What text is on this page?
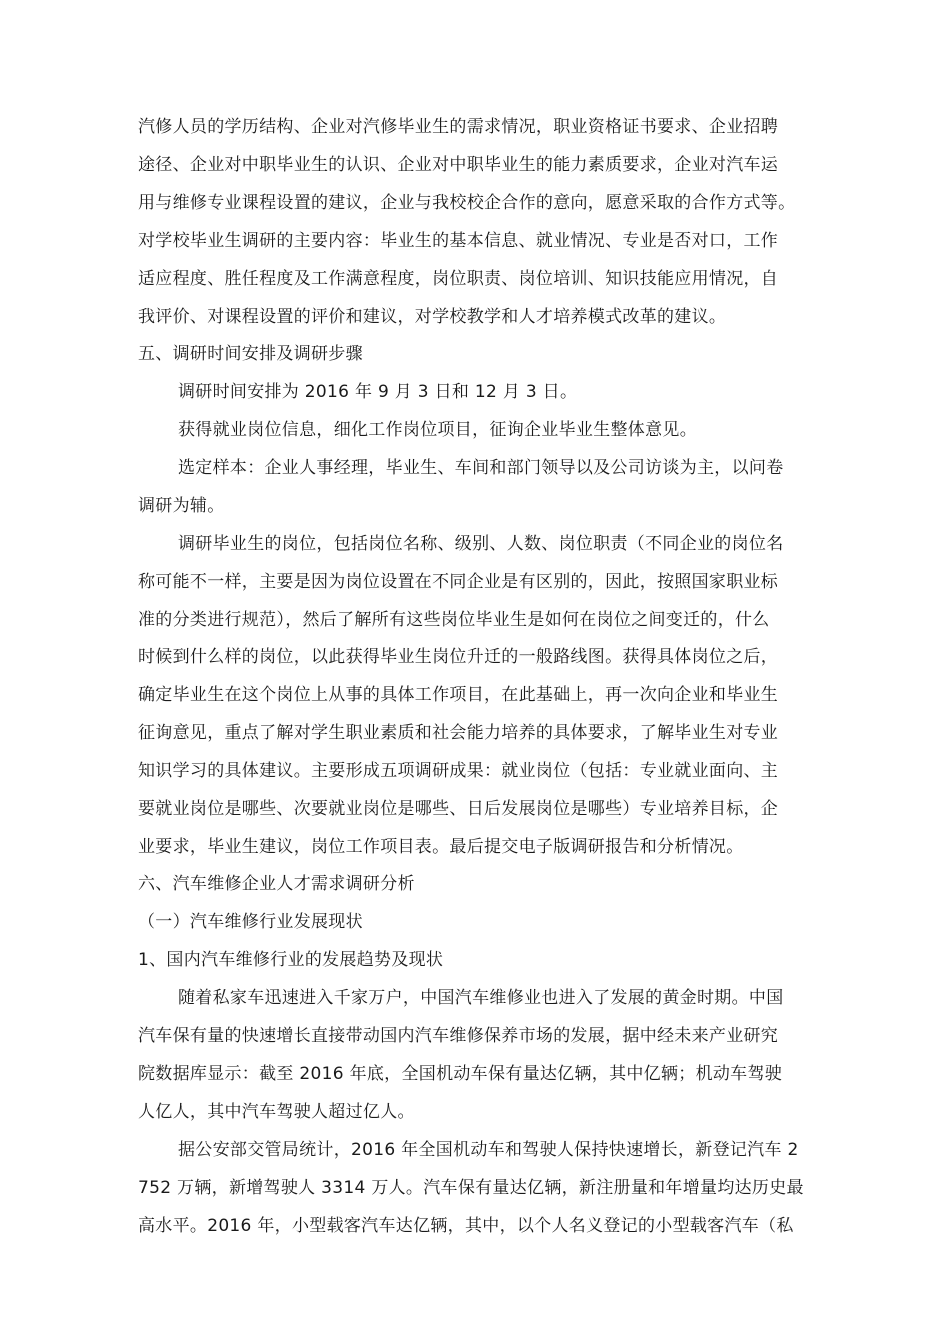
汽修人员的学历结构、企业对汽修毕业生的需求情况，职业资格证书要求、企业招聘
途径、企业对中职毕业生的认识、企业对中职毕业生的能力素质要求，企业对汽车运
用与维修专业课程设置的建议，企业与我校校企合作的意向，愿意采取的合作方式等。
对学校毕业生调研的主要内容：毕业生的基本信息、就业情况、专业是否对口，工作
适应程度、胜任程度及工作满意程度，岗位职责、岗位培训、知识技能应用情况，自
我评价、对课程设置的评价和建议，对学校教学和人才培养模式改革的建议。
五、调研时间安排及调研步骤
调研时间安排为 2016 年 9 月 3 日和 12 月 3 日。
获得就业岗位信息，细化工作岗位项目，征询企业毕业生整体意见。
选定样本：企业人事经理，毕业生、车间和部门领导以及公司访谈为主，以问卷
调研为辅。
调研毕业生的岗位，包括岗位名称、级别、人数、岗位职责（不同企业的岗位名
称可能不一样，主要是因为岗位设置在不同企业是有区别的，因此，按照国家职业标
准的分类进行规范），然后了解所有这些岗位毕业生是如何在岗位之间变迁的，什么
时候到什么样的岗位，以此获得毕业生岗位升迁的一般路线图。获得具体岗位之后，
确定毕业生在这个岗位上从事的具体工作项目，在此基础上，再一次向企业和毕业生
征询意见，重点了解对学生职业素质和社会能力培养的具体要求，了解毕业生对专业
知识学习的具体建议。主要形成五项调研成果：就业岗位（包括：专业就业面向、主
要就业岗位是哪些、次要就业岗位是哪些、日后发展岗位是哪些）专业培养目标，企
业要求，毕业生建议，岗位工作项目表。最后提交电子版调研报告和分析情况。
六、汽车维修企业人才需求调研分析
（一）汽车维修行业发展现状
1、国内汽车维修行业的发展趋势及现状
随着私家车迅速进入千家万户，中国汽车维修业也进入了发展的黄金时期。中国
汽车保有量的快速增长直接带动国内汽车维修保养市场的发展，据中经未来产业研究
院数据库显示：截至 2016 年底，全国机动车保有量达亿辆，其中亿辆；机动车驾驶
人亿人，其中汽车驾驶人超过亿人。
据公安部交管局统计，2016 年全国机动车和驾驶人保持快速增长，新登记汽车 2
752 万辆，新增驾驶人 3314 万人。汽车保有量达亿辆，新注册量和年增量均达历史最
高水平。2016 年，小型载客汽车达亿辆，其中，以个人名义登记的小型载客汽车（私
